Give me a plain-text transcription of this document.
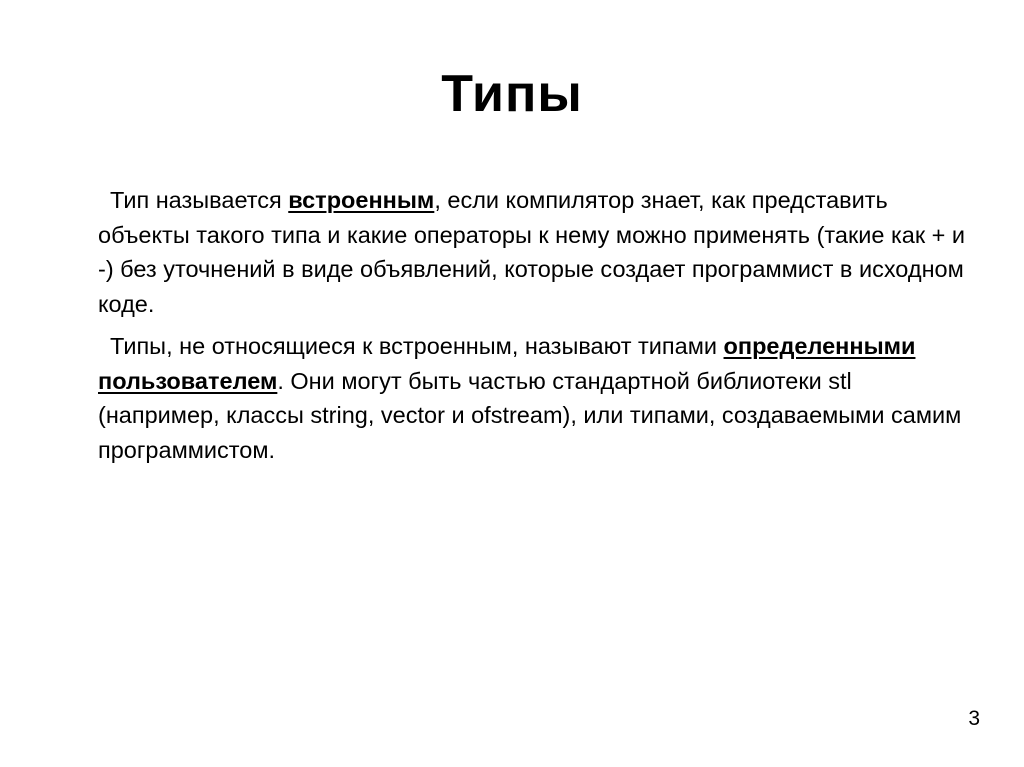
Типы

Тип называется встроенным, если компилятор знает, как представить объекты такого типа и какие операторы к нему можно применять (такие как + и -) без уточнений в виде объявлений, которые создает программист в исходном коде.

Типы, не относящиеся к встроенным, называют типами определенными пользователем. Они могут быть частью стандартной библиотеки stl (например, классы string, vector и ofstream), или типами, создаваемыми самим программистом.

3
